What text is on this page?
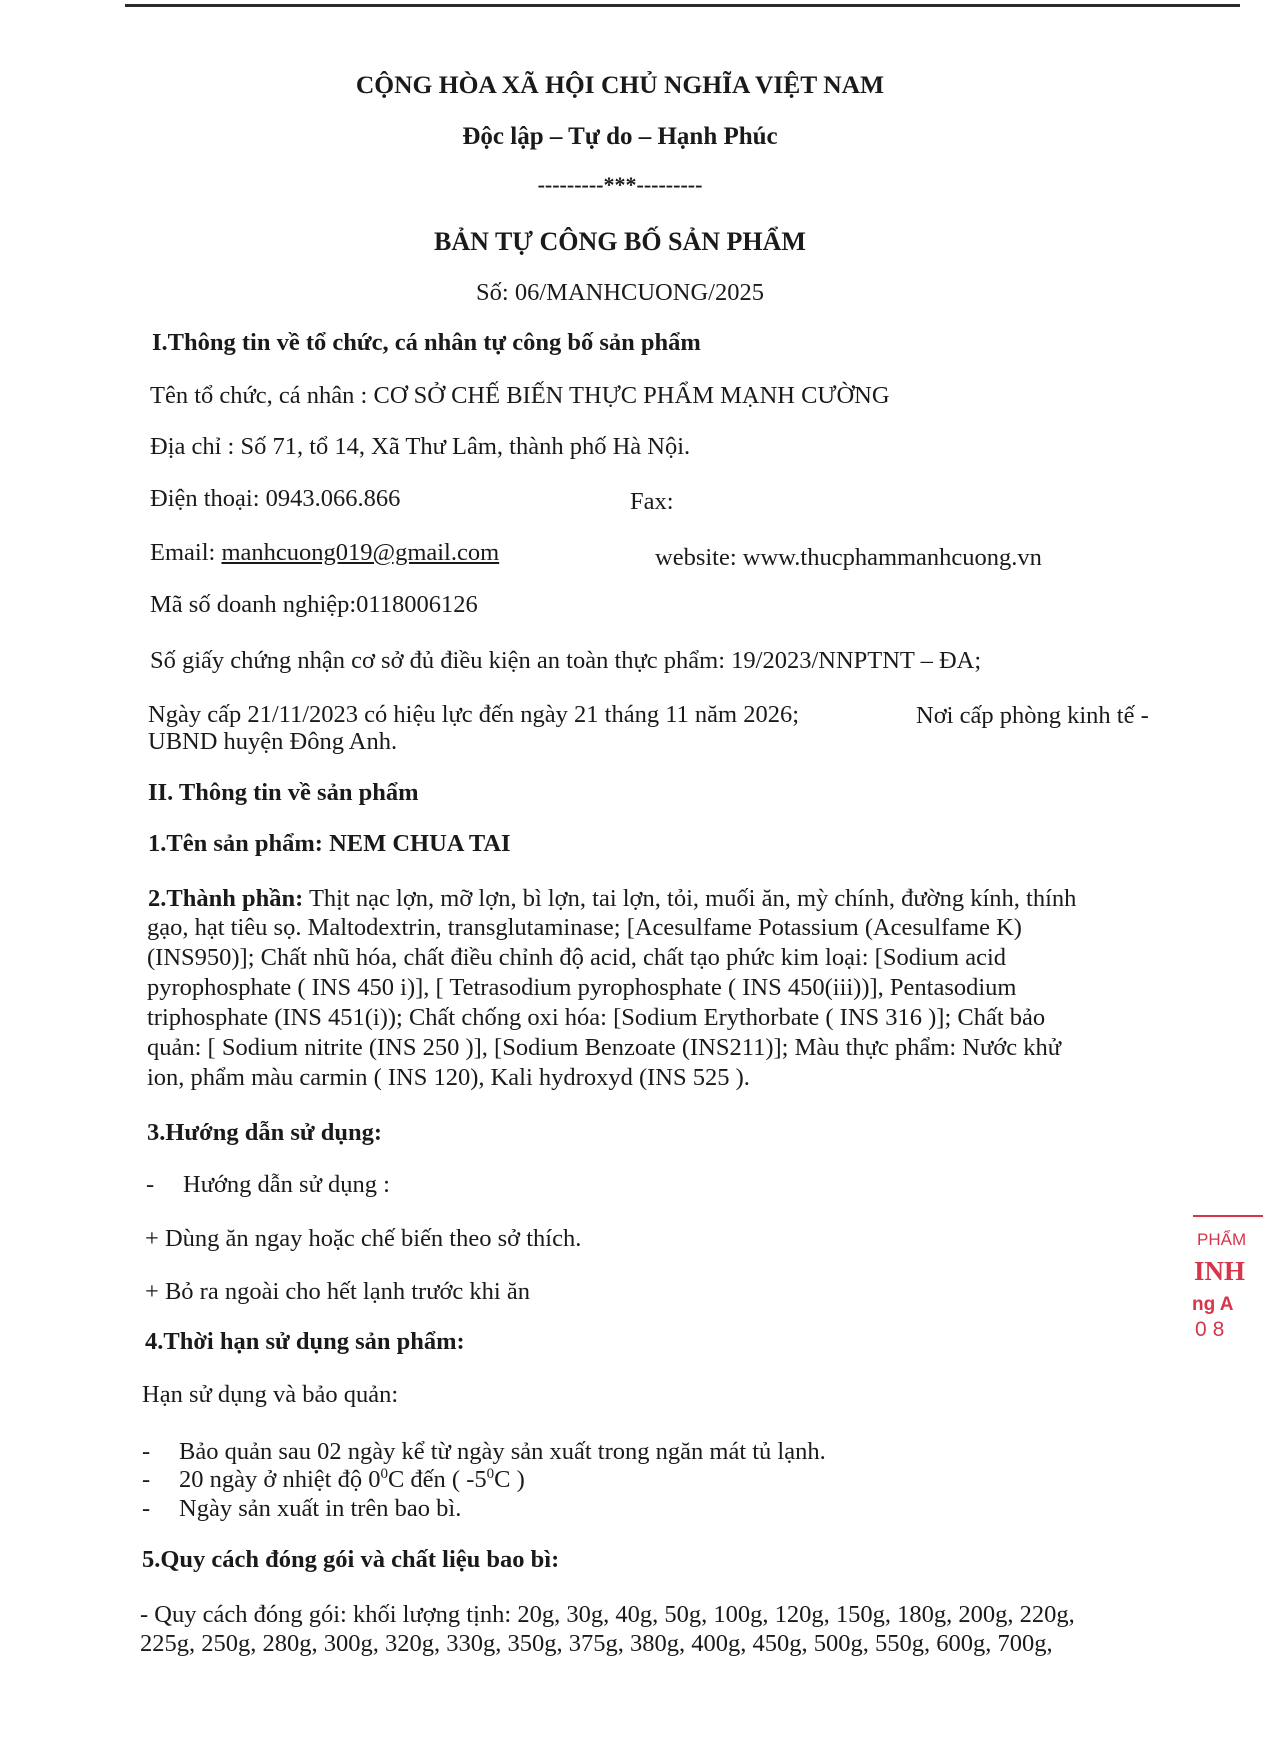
CỘNG HÒA XÃ HỘI CHỦ NGHĨA VIỆT NAM
Độc lập – Tự do – Hạnh Phúc
---------***---------
BẢN TỰ CÔNG BỐ SẢN PHẨM
Số: 06/MANHCUONG/2025
I.Thông tin về tổ chức, cá nhân tự công bố sản phẩm
Tên tổ chức, cá nhân : CƠ SỞ CHẾ BIẾN THỰC PHẨM MẠNH CƯỜNG
Địa chỉ : Số 71, tổ 14, Xã Thư Lâm, thành phố Hà Nội.
Điện thoại: 0943.066.866	Fax:
Email: manhcuong019@gmail.com	website: www.thucphammanhcuong.vn
Mã số doanh nghiệp:0118006126
Số giấy chứng nhận cơ sở đủ điều kiện an toàn thực phẩm: 19/2023/NNPTNT – ĐA;
Ngày cấp 21/11/2023 có hiệu lực đến ngày 21 tháng 11 năm 2026;	Nơi cấp phòng kinh tế -
UBND huyện Đông Anh.
II. Thông tin về sản phẩm
1.Tên sản phẩm: NEM CHUA TAI
2.Thành phần: Thịt nạc lợn, mỡ lợn, bì lợn, tai lợn, tỏi, muối ăn, mỳ chính, đường kính, thính
gạo, hạt tiêu sọ. Maltodextrin, transglutaminase; [Acesulfame Potassium (Acesulfame K)
(INS950)]; Chất nhũ hóa, chất điều chỉnh độ acid, chất tạo phức kim loại: [Sodium acid
pyrophosphate ( INS 450 i)], [ Tetrasodium pyrophosphate ( INS 450(iii))], Pentasodium
triphosphate (INS 451(i)); Chất chống oxi hóa: [Sodium Erythorbate ( INS 316 )]; Chất bảo
quản: [ Sodium nitrite (INS 250 )], [Sodium Benzoate (INS211)]; Màu thực phẩm: Nước khử
ion, phẩm màu carmin ( INS 120), Kali hydroxyd (INS 525 ).
3.Hướng dẫn sử dụng:
- Hướng dẫn sử dụng :
+ Dùng ăn ngay hoặc chế biến theo sở thích.
+ Bỏ ra ngoài cho hết lạnh trước khi ăn
4.Thời hạn sử dụng sản phẩm:
Hạn sử dụng và bảo quản:
- Bảo quản sau 02 ngày kể từ ngày sản xuất trong ngăn mát tủ lạnh.
- 20 ngày ở nhiệt độ $0^0C$ đến ( $-5^0C$ )
- Ngày sản xuất in trên bao bì.
5.Quy cách đóng gói và chất liệu bao bì:
- Quy cách đóng gói: khối lượng tịnh: 20g, 30g, 40g, 50g, 100g, 120g, 150g, 180g, 200g, 220g,
225g, 250g, 280g, 300g, 320g, 330g, 350g, 375g, 380g, 400g, 450g, 500g, 550g, 600g, 700g,
PHẨM
INH
ng A
08
